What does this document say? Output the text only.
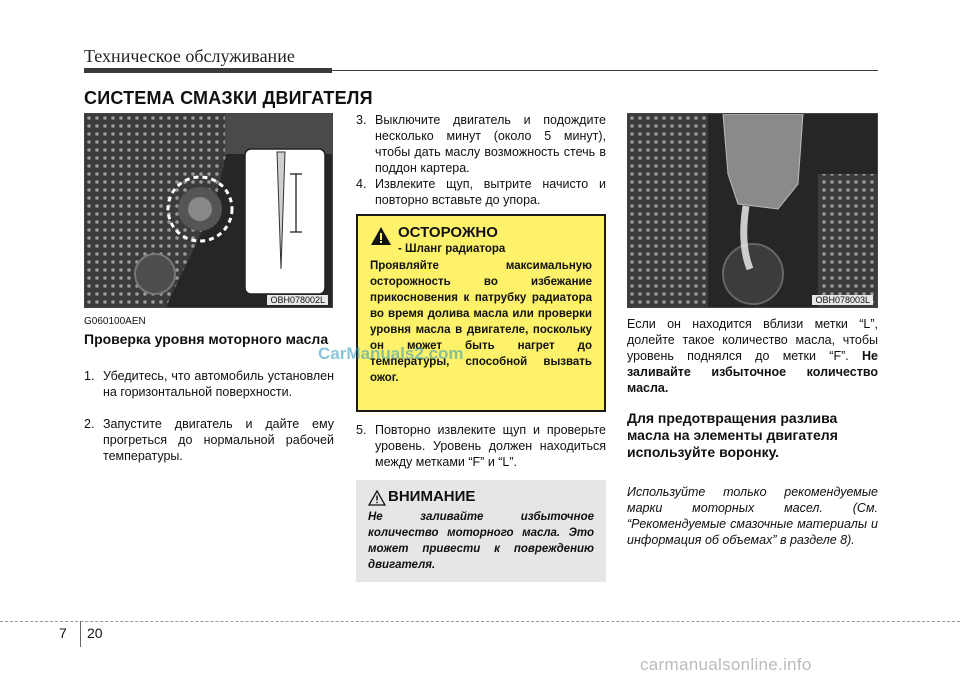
Техническое обслуживание
СИСТЕМА СМАЗКИ ДВИГАТЕЛЯ
OBH078002L
G060100AEN
Проверка уровня моторного масла
1. Убедитесь, что автомобиль установлен на горизонтальной поверхности.
2. Запустите двигатель и дайте ему прогреться до нормальной рабочей температуры.
3. Выключите двигатель и подождите несколько минут (около 5 минут), чтобы дать маслу возможность стечь в поддон картера.
4. Извлеките щуп, вытрите начисто и повторно вставьте до упора.
ОСТОРОЖНО
- Шланг радиатора
Проявляйте максимальную осторожность во избежание прикосновения к патрубку радиатора во время долива масла или проверки уровня масла в двигателе, поскольку он может быть нагрет до температуры, способной вызвать ожог.
5. Повторно извлеките щуп и проверьте уровень. Уровень должен находиться между метками “F” и “L”.
ВНИМАНИЕ
Не заливайте избыточное количество моторного масла. Это может привести к повреждению двигателя.
OBH078003L
Если он находится вблизи метки “L”, долейте такое количество масла, чтобы уровень поднялся до метки “F”. Не заливайте избыточное количество масла.
Для предотвращения разлива масла на элементы двигателя используйте воронку.
Используйте только рекомендуемые марки моторных масел. (См. “Рекомендуемые смазочные материалы и информация об объемах” в разделе 8).
CarManuals2.com
7 20
carmanualsonline.info
